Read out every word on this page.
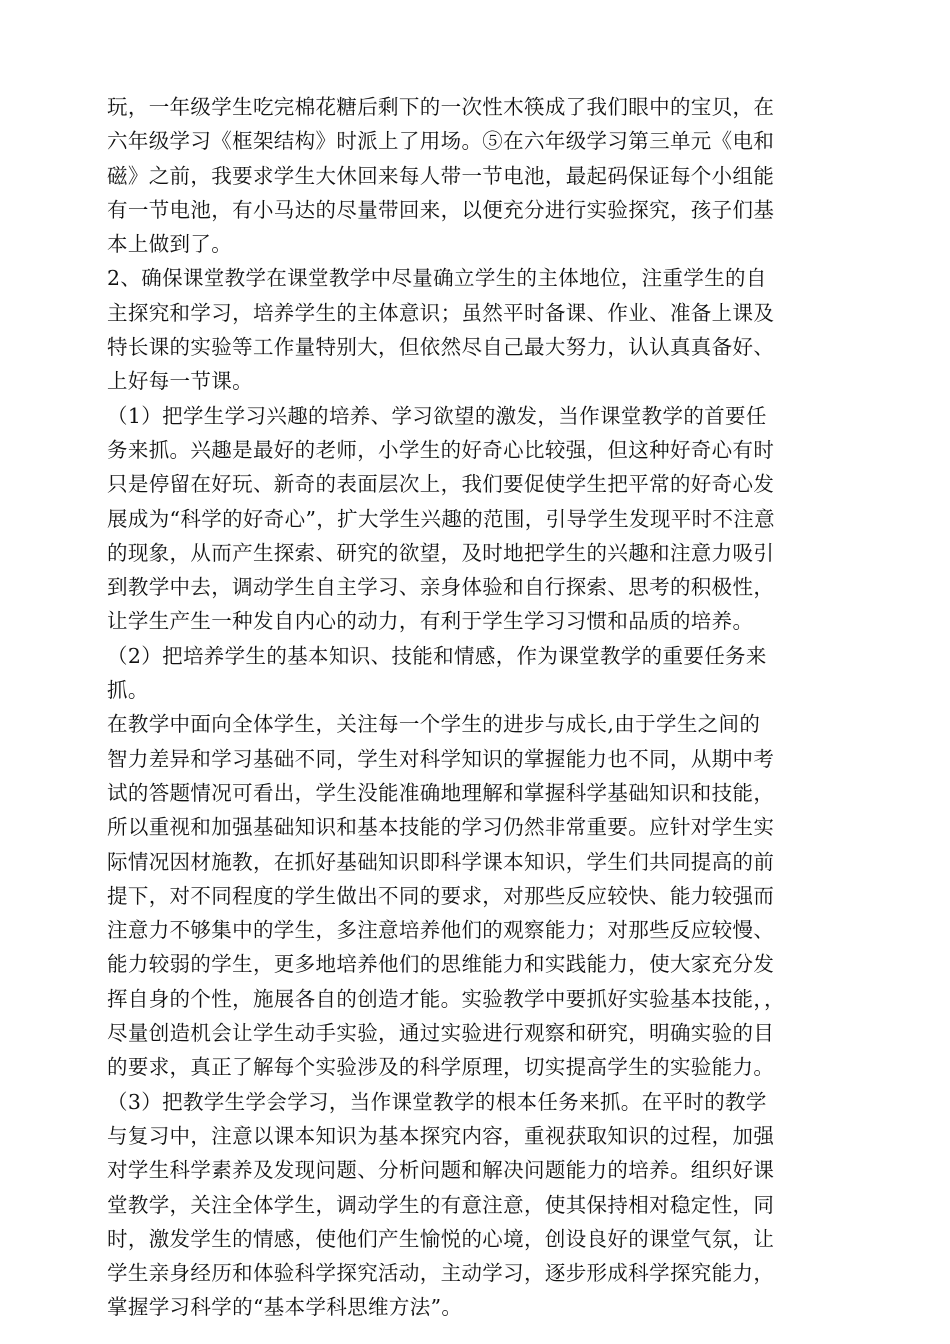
玩，一年级学生吃完棉花糖后剩下的一次性木筷成了我们眼中的宝贝，在
六年级学习《框架结构》时派上了用场。⑤在六年级学习第三单元《电和
磁》之前，我要求学生大休回来每人带一节电池，最起码保证每个小组能
有一节电池，有小马达的尽量带回来，以便充分进行实验探究，孩子们基
本上做到了。
2、确保课堂教学在课堂教学中尽量确立学生的主体地位，注重学生的自
主探究和学习，培养学生的主体意识；虽然平时备课、作业、准备上课及
特长课的实验等工作量特别大，但依然尽自己最大努力，认认真真备好、
上好每一节课。
（1）把学生学习兴趣的培养、学习欲望的激发，当作课堂教学的首要任
务来抓。兴趣是最好的老师，小学生的好奇心比较强，但这种好奇心有时
只是停留在好玩、新奇的表面层次上，我们要促使学生把平常的好奇心发
展成为“科学的好奇心”，扩大学生兴趣的范围，引导学生发现平时不注意
的现象，从而产生探索、研究的欲望，及时地把学生的兴趣和注意力吸引
到教学中去，调动学生自主学习、亲身体验和自行探索、思考的积极性，
让学生产生一种发自内心的动力，有利于学生学习习惯和品质的培养。
（2）把培养学生的基本知识、技能和情感，作为课堂教学的重要任务来
抓。
在教学中面向全体学生，关注每一个学生的进步与成长,由于学生之间的
智力差异和学习基础不同，学生对科学知识的掌握能力也不同，从期中考
试的答题情况可看出，学生没能准确地理解和掌握科学基础知识和技能，
所以重视和加强基础知识和基本技能的学习仍然非常重要。应针对学生实
际情况因材施教，在抓好基础知识即科学课本知识，学生们共同提高的前
提下，对不同程度的学生做出不同的要求，对那些反应较快、能力较强而
注意力不够集中的学生，多注意培养他们的观察能力；对那些反应较慢、
能力较弱的学生，更多地培养他们的思维能力和实践能力，使大家充分发
挥自身的个性，施展各自的创造才能。实验教学中要抓好实验基本技能，，
尽量创造机会让学生动手实验，通过实验进行观察和研究，明确实验的目
的要求，真正了解每个实验涉及的科学原理，切实提高学生的实验能力。
（3）把教学生学会学习，当作课堂教学的根本任务来抓。在平时的教学
与复习中，注意以课本知识为基本探究内容，重视获取知识的过程，加强
对学生科学素养及发现问题、分析问题和解决问题能力的培养。组织好课
堂教学，关注全体学生，调动学生的有意注意，使其保持相对稳定性，同
时，激发学生的情感，使他们产生愉悦的心境，创设良好的课堂气氛，让
学生亲身经历和体验科学探究活动，主动学习，逐步形成科学探究能力，
掌握学习科学的“基本学科思维方法”。
